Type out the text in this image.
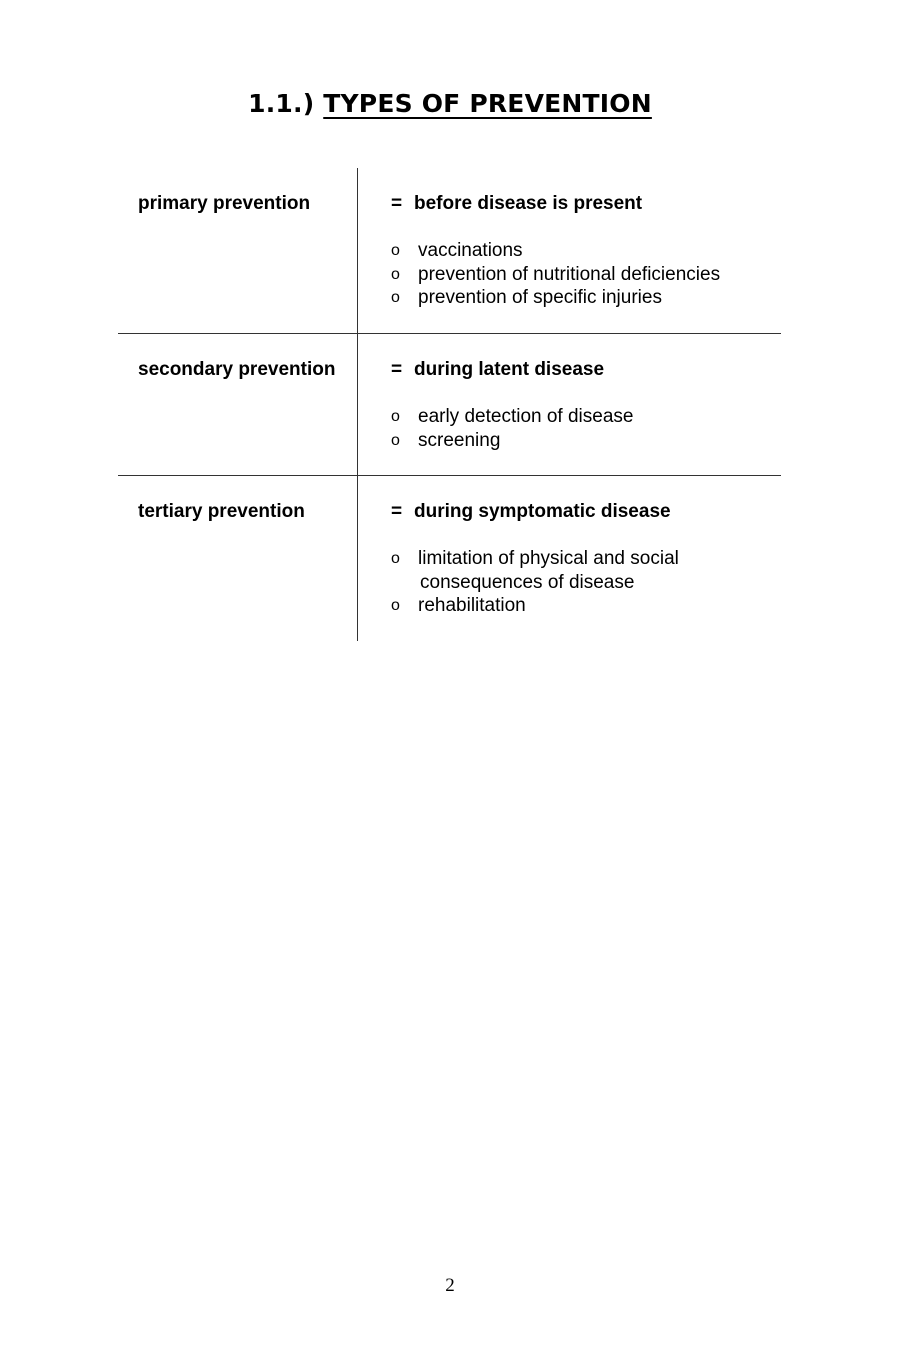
1.1.) TYPES OF PREVENTION
primary prevention	= before disease is present
o vaccinations
o prevention of nutritional deficiencies
o prevention of specific injuries
secondary prevention	= during latent disease
o early detection of disease
o screening
tertiary prevention	= during symptomatic disease
o limitation of physical and social
consequences of disease
o rehabilitation
2
